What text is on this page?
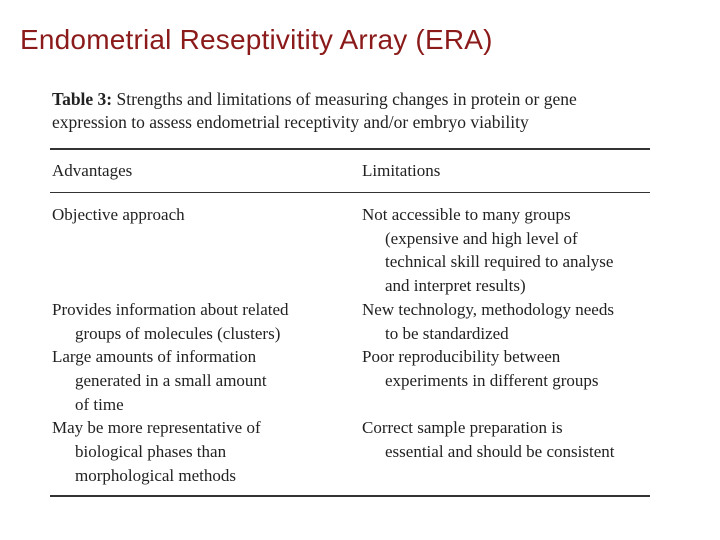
Endometrial Reseptivitity Array (ERA)

Table 3: Strengths and limitations of measuring changes in protein or gene expression to assess endometrial receptivity and/or embryo viability

Advantages	Limitations
Objective approach	Not accessible to many groups
(expensive and high level of
technical skill required to analyse
and interpret results)
Provides information about related
groups of molecules (clusters)
New technology, methodology needs
to be standardized
Large amounts of information
generated in a small amount
of time
Poor reproducibility between
experiments in different groups
May be more representative of
biological phases than
morphological methods
Correct sample preparation is
essential and should be consistent
